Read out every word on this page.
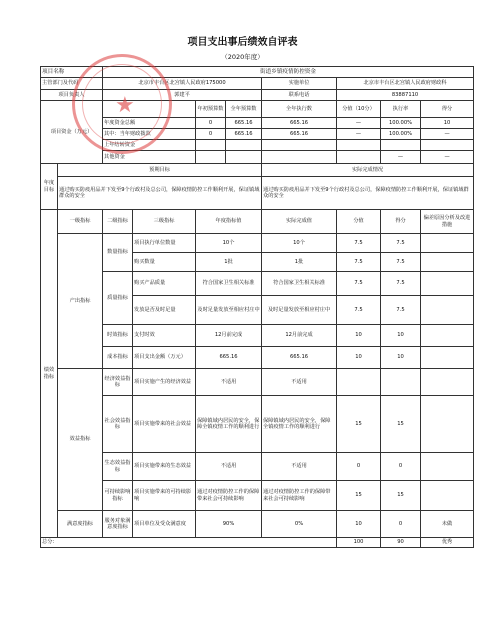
项目支出事后绩效自评表
（2020年度）
项目名称		街道乡镇疫情防控资金							
主管部门及代码		北京市丰台区北宫镇人民政府175000				实施单位	北京市丰台区北宫镇人民政府财政科		
项目负责人		郭建平				联系电话	83887110		
项目资金（万元）				年初预算数	全年预算数	全年执行数	分值（10分）	执行率	得分
		年度资金总额		0	665.16	665.16	—	100.00%	10
		其中：当年财政拨款		0	665.16	665.16	—	100.00%	—
		上年结转资金							
		其他资金						—	—
年度目标	预期目标					实际完成情况			
	通过购买防疫用品并下发至9个行政村及总公司，保障疫情防控工作顺利开展，保证镇域群众的安全					通过购买防疫用品并下发至9个行政村及总公司，保障疫情防控工作顺利开展，保证镇域群众的安全			
绩效指标	一级指标	二级指标	三级指标	年度指标值		实际完成值	分值	得分	偏差原因分析及改进措施
	产出指标	数量指标	项目执行单位数量	10个		10个	7.5	7.5	
			购买数量	1批		1批	7.5	7.5	
		质量指标	购买产品质量	符合国家卫生相关标准		符合国家卫生相关标准	7.5	7.5	
			发放是否及时足量	及时足量发放至相应村庄中		及时足量发放至相应村庄中	7.5	7.5	
		时效指标	支付时效	12月前完成		12月前完成	10	10	
		成本指标	项目支出金额（万元）	665.16		665.16	10	10	
	效益指标	经济效益指标	项目实施产生的经济效益	不适用		不适用			
		社会效益指标	项目实施带来的社会效益	保障镇域内居民的安全，保障全镇疫情工作的顺利进行		保障镇域内居民的安全，保障全镇疫情工作的顺利进行	15	15	
		生态效益指标	项目实施带来的生态效益	不适用		不适用	0	0	
		可持续影响指标	项目实施带来的可持续影响	通过对疫情防控工作的保障带来社会可持续影响		通过对疫情防控工作的保障带来社会可持续影响	15	15	
	满意度指标	服务对象满意度指标	项目单位及受众满意度	90%		0%	10	0	未做
总分：							100	90	优秀
★
